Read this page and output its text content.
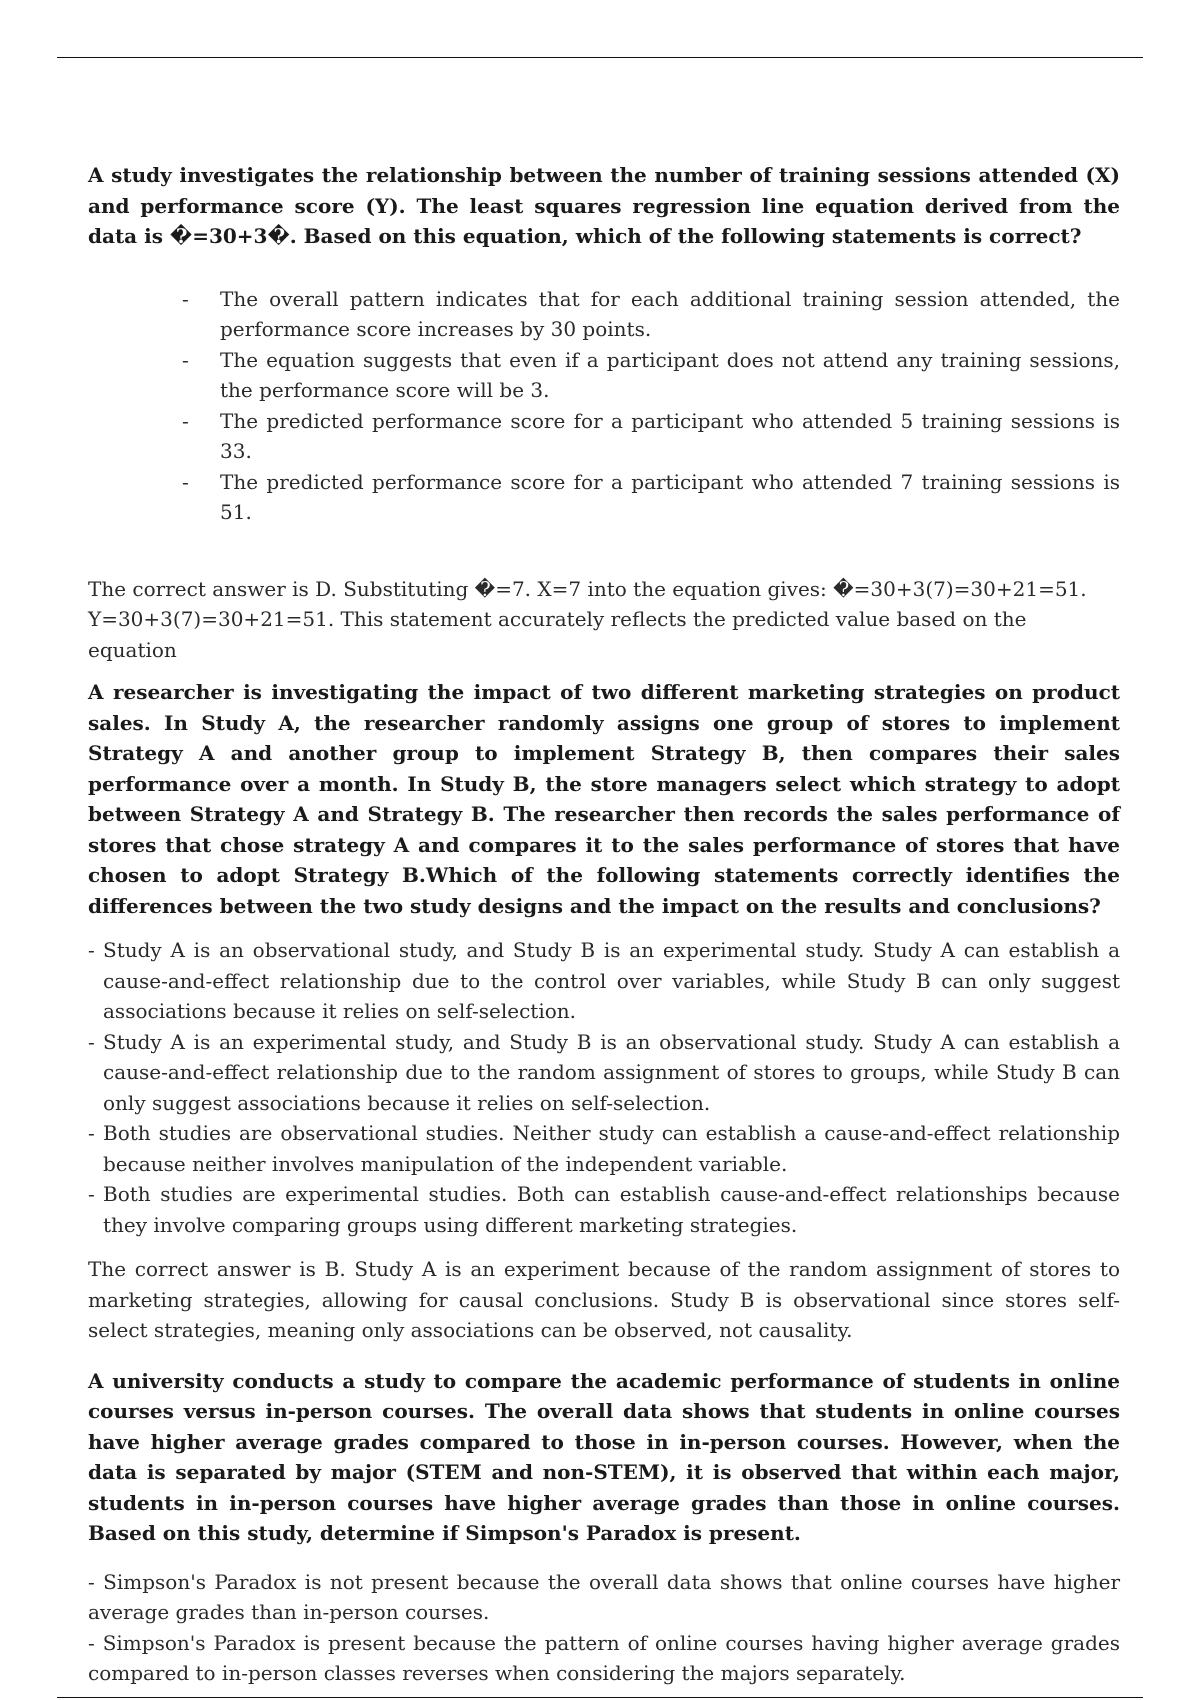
A study investigates the relationship between the number of training sessions attended (X) and performance score (Y). The least squares regression line equation derived from the data is �=30+3�. Based on this equation, which of the following statements is correct?

- The overall pattern indicates that for each additional training session attended, the performance score increases by 30 points.
- The equation suggests that even if a participant does not attend any training sessions, the performance score will be 3.
- The predicted performance score for a participant who attended 5 training sessions is 33.
- The predicted performance score for a participant who attended 7 training sessions is 51.

The correct answer is D. Substituting �=7. X=7 into the equation gives: �=30+3(7)=30+21=51.

Y=30+3(7)=30+21=51. This statement accurately reflects the predicted value based on the

equation

A researcher is investigating the impact of two different marketing strategies on product sales. In Study A, the researcher randomly assigns one group of stores to implement Strategy A and another group to implement Strategy B, then compares their sales performance over a month. In Study B, the store managers select which strategy to adopt between Strategy A and Strategy B. The researcher then records the sales performance of stores that chose strategy A and compares it to the sales performance of stores that have chosen to adopt Strategy B.Which of the following statements correctly identifies the differences between the two study designs and the impact on the results and conclusions?

- Study A is an observational study, and Study B is an experimental study. Study A can establish a cause-and-effect relationship due to the control over variables, while Study B can only suggest associations because it relies on self-selection.
- Study A is an experimental study, and Study B is an observational study. Study A can establish a cause-and-effect relationship due to the random assignment of stores to groups, while Study B can only suggest associations because it relies on self-selection.
- Both studies are observational studies. Neither study can establish a cause-and-effect relationship because neither involves manipulation of the independent variable.
- Both studies are experimental studies. Both can establish cause-and-effect relationships because they involve comparing groups using different marketing strategies.

The correct answer is B. Study A is an experiment because of the random assignment of stores to marketing strategies, allowing for causal conclusions. Study B is observational since stores self-select strategies, meaning only associations can be observed, not causality.

A university conducts a study to compare the academic performance of students in online courses versus in-person courses. The overall data shows that students in online courses have higher average grades compared to those in in-person courses. However, when the data is separated by major (STEM and non-STEM), it is observed that within each major, students in in-person courses have higher average grades than those in online courses. Based on this study, determine if Simpson's Paradox is present.

- Simpson's Paradox is not present because the overall data shows that online courses have higher average grades than in-person courses.

- Simpson's Paradox is present because the pattern of online courses having higher average grades compared to in-person classes reverses when considering the majors separately.
